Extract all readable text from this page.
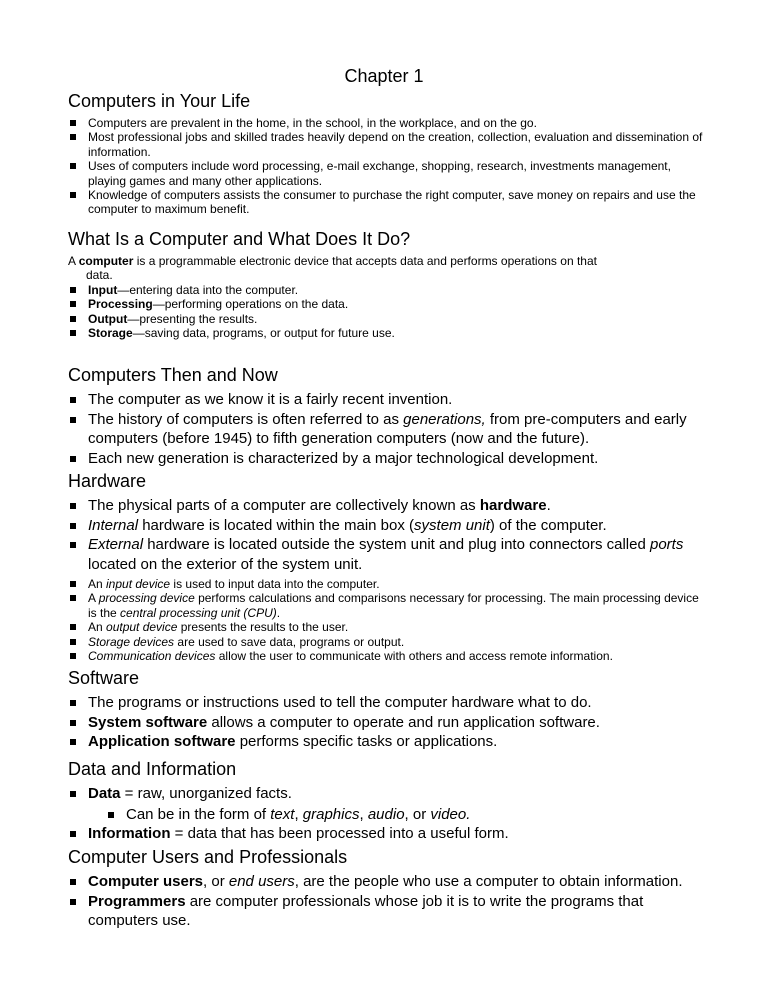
Chapter 1
Computers in Your Life
Computers are prevalent in the home, in the school, in the workplace, and on the go.
Most professional jobs and skilled trades heavily depend on the creation, collection, evaluation and dissemination of information.
Uses of computers include word processing, e-mail exchange, shopping, research, investments management, playing games and many other applications.
Knowledge of computers assists the consumer to purchase the right computer, save money on repairs and use the computer to maximum benefit.
What Is a Computer and What Does It Do?

A computer is a programmable electronic device that accepts data and performs operations on that
data.

Input—entering data into the computer.
Processing—performing operations on the data.
Output—presenting the results.
Storage—saving data, programs, or output for future use.
Computers Then and Now
The computer as we know it is a fairly recent invention.
The history of computers is often referred to as generations, from pre-computers and early computers (before 1945) to fifth generation computers (now and the future).
Each new generation is characterized by a major technological development.
Hardware
The physical parts of a computer are collectively known as hardware.
Internal hardware is located within the main box (system unit) of the computer.
External hardware is located outside the system unit and plug into connectors called ports located on the exterior of the system unit.
An input device is used to input data into the computer.
A processing device performs calculations and comparisons necessary for processing. The main processing device is the central processing unit (CPU).
An output device presents the results to the user.
Storage devices are used to save data, programs or output.
Communication devices allow the user to communicate with others and access remote information.
Software
The programs or instructions used to tell the computer hardware what to do.
System software allows a computer to operate and run application software.
Application software performs specific tasks or applications.
Data and Information
Data = raw, unorganized facts.
Can be in the form of text, graphics, audio, or video.
Information = data that has been processed into a useful form.
Computer Users and Professionals
Computer users, or end users, are the people who use a computer to obtain information.
Programmers are computer professionals whose job it is to write the programs that computers use.
